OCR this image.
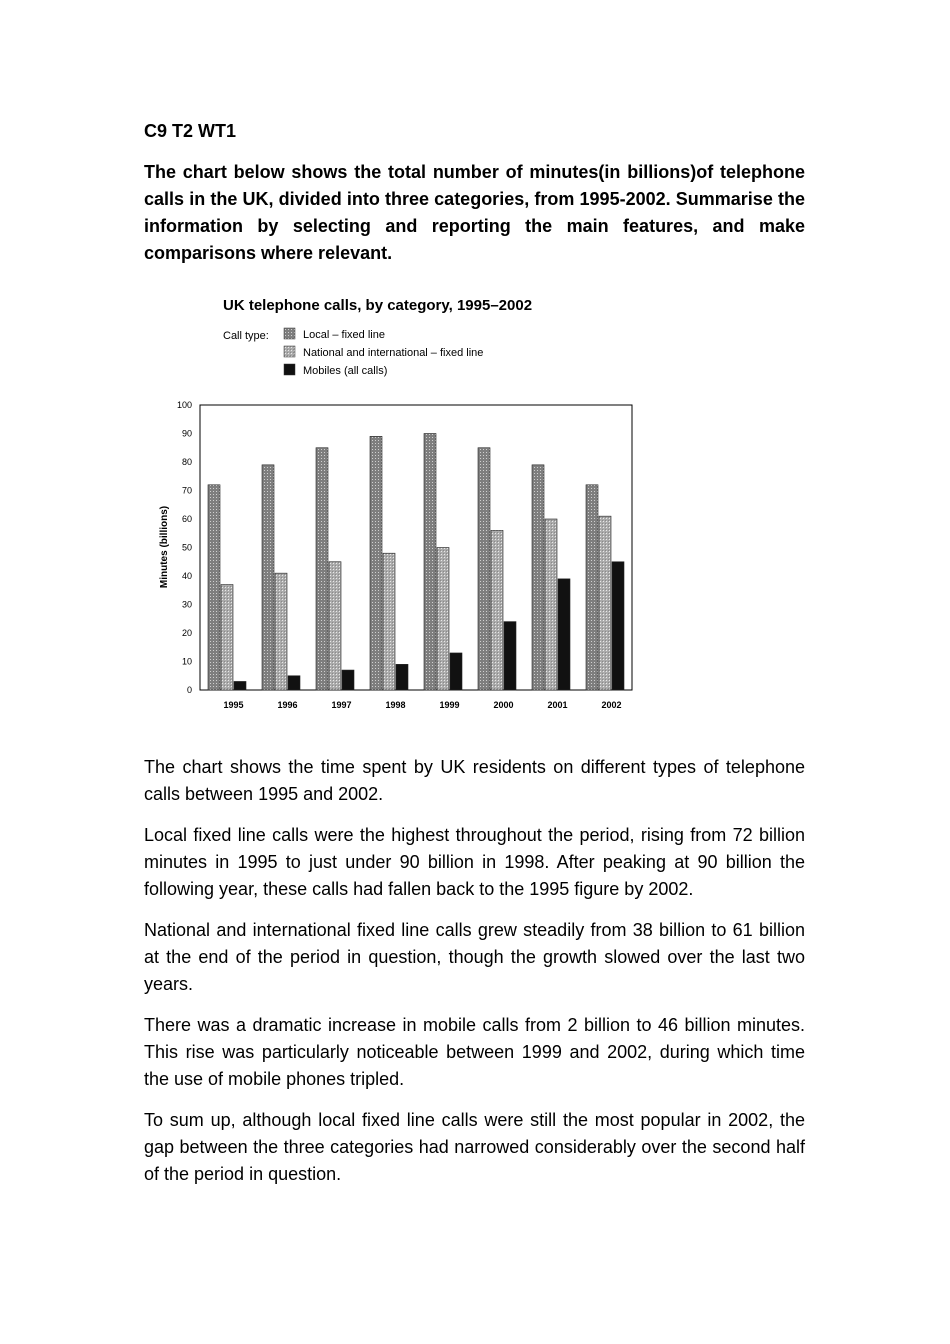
C9 T2 WT1

The chart below shows the total number of minutes(in billions)of telephone calls in the UK, divided into three categories, from 1995-2002. Summarise the information by selecting and reporting the main features, and make comparisons where relevant.

UK telephone calls, by category, 1995–2002
Call type:	Local – fixed line
National and international – fixed line
Mobiles (all calls)
Minutes (billions)
0
10
20
30
40
50
60
70
80
90
100
1995	1996	1997	1998	1999	2000	2001	2002

The chart shows the time spent by UK residents on different types of telephone calls between 1995 and 2002.

Local fixed line calls were the highest throughout the period, rising from 72 billion minutes in 1995 to just under 90 billion in 1998. After peaking at 90 billion the following year, these calls had fallen back to the 1995 figure by 2002.

National and international fixed line calls grew steadily from 38 billion to 61 billion at the end of the period in question, though the growth slowed over the last two years.

There was a dramatic increase in mobile calls from 2 billion to 46 billion minutes. This rise was particularly noticeable between 1999 and 2002, during which time the use of mobile phones tripled.

To sum up, although local fixed line calls were still the most popular in 2002, the gap between the three categories had narrowed considerably over the second half of the period in question.
